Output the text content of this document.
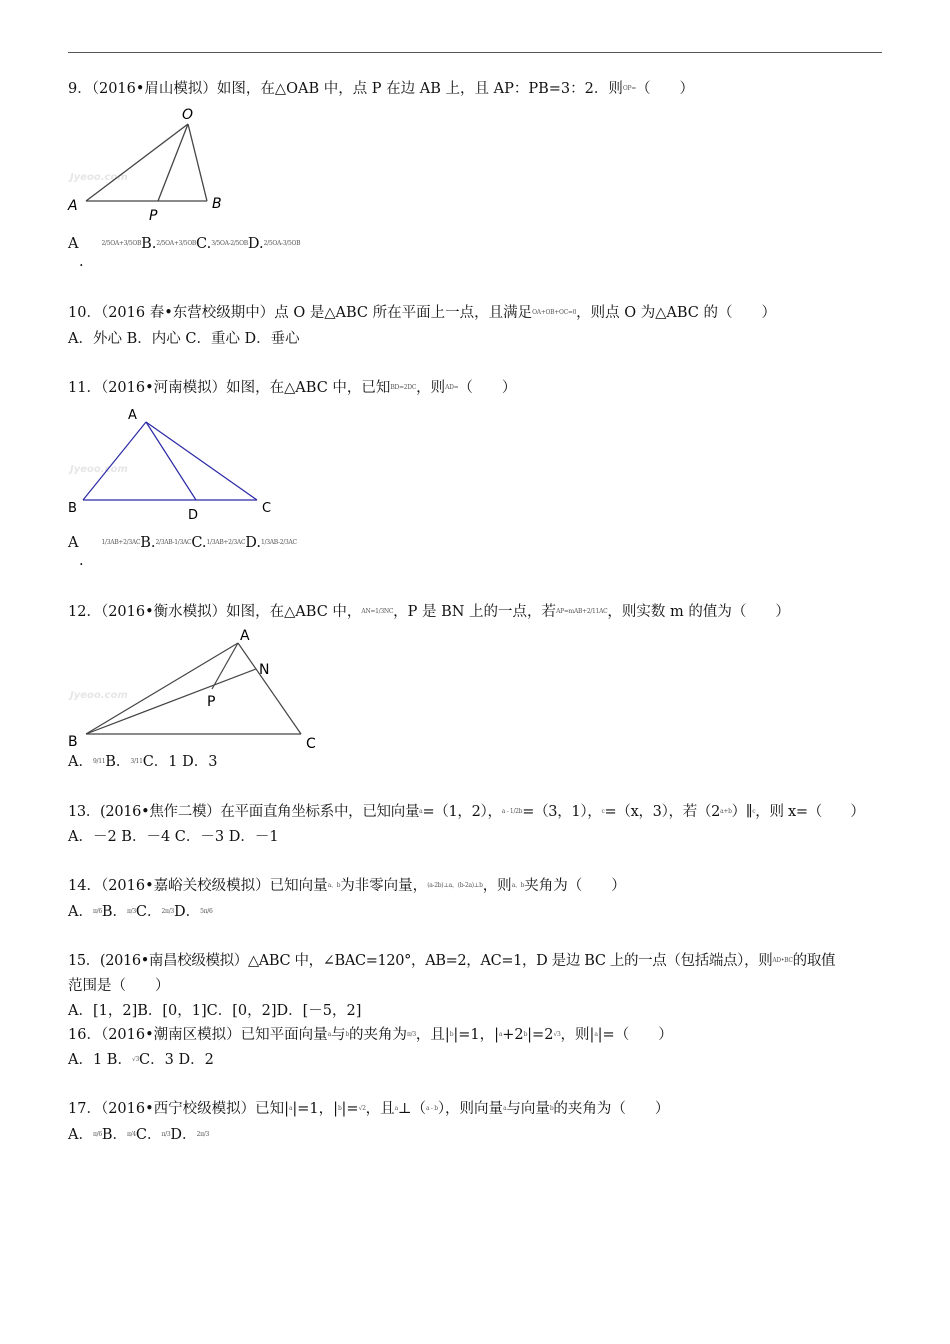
9．（2016•眉山模拟）如图，在△OAB 中，点 P 在边 AB 上，且 AP：PB=3：2．则OP=（　　）
Jyeoo.com
O
A	B
P
A	2/5OA+3/5OBB.2/5OA+3/5OBC.3/5OA-2/5OBD.2/5OA-3/5OB
.
10．（2016 春•东营校级期中）点 O 是△ABC 所在平面上一点，且满足OA+OB+OC=0，则点 O 为△ABC 的（　　）
A．外心 B．内心 C．重心 D．垂心
11．（2016•河南模拟）如图，在△ABC 中，已知BD=2DC，则AD=（　　）
Jyeoo.com
A
B	C
D
A	1/3AB+2/3ACB.2/3AB-1/3ACC.1/3AB+2/3ACD.1/3AB-2/3AC
.
12．（2016•衡水模拟）如图，在△ABC 中，AN=1/3NC，P 是 BN 上的一点，若AP=mAB+2/11AC，则实数 m 的值为（　　）
Jyeoo.com
A
B	C
N
P
A．9/11B．3/11C．1 D．3
13．(2016•焦作二模）在平面直角坐标系中，已知向量a=（1，2），a - 1/2b=（3，1），c=（x，3），若（2a+b）∥c，则 x=（　　）
A．－2 B．－4 C．－3 D．－1
14．（2016•嘉峪关校级模拟）已知向量a、b为非零向量，(a-2b)⊥a，(b-2a)⊥b，则a、b夹角为（　　）
A．π/6B．π/3C．2π/3D．5π/6
15．(2016•南昌校级模拟）△ABC 中，∠BAC=120°，AB=2，AC=1，D 是边 BC 上的一点（包括端点），则AD•BC的取值
范围是（　　）
A．[1，2]B．[0，1]C．[0，2]D．[－5，2]
16．（2016•潮南区模拟）已知平面向量a与b的夹角为π/3，且|b|=1，|a+2b|=2√3，则|a|=（　　）
A．1 B．√3C．3 D．2
17．（2016•西宁校级模拟）已知|a|=1，|b|=√2，且a⊥（a - b），则向量a与向量b的夹角为（　　）
A．π/6B．π/4C．π/3D．2π/3
